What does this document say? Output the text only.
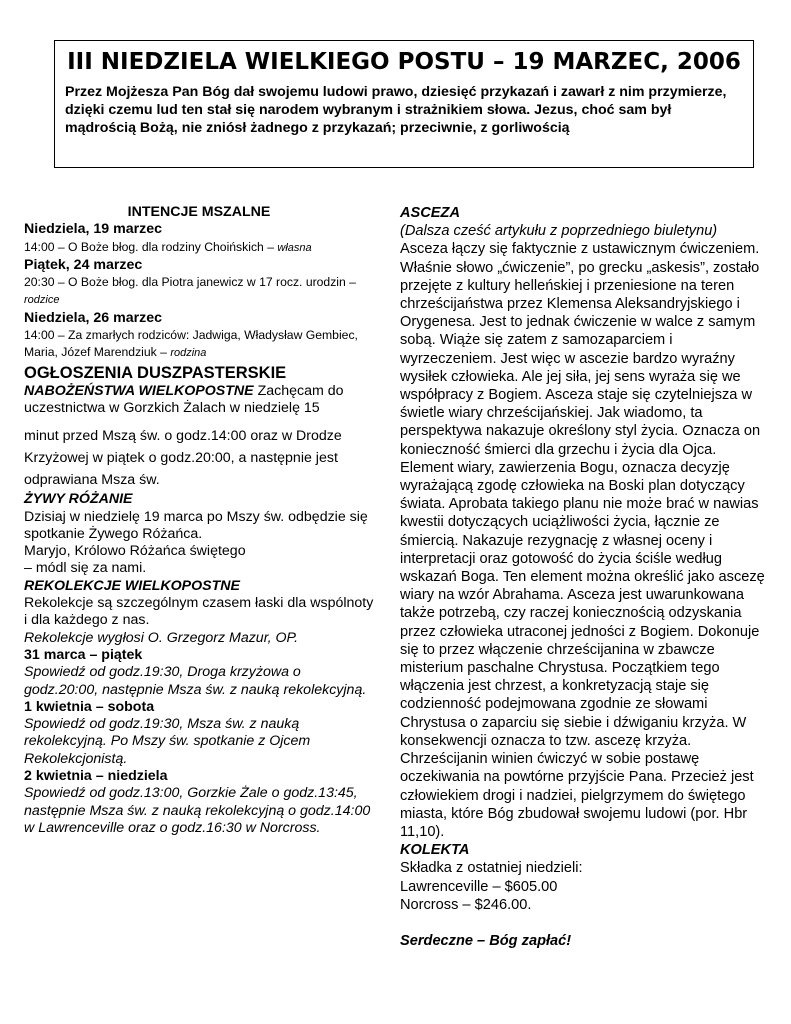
III NIEDZIELA WIELKIEGO POSTU – 19 MARZEC, 2006

Przez Mojżesza Pan Bóg dał swojemu ludowi prawo, dziesięć przykazań i zawarł z nim przymierze, dzięki czemu lud ten stał się narodem wybranym i strażnikiem słowa. Jezus, choć sam był mądrością Bożą, nie zniósł żadnego z przykazań; przeciwnie, z gorliwością

INTENCJE MSZALNE

Niedziela, 19 marzec

14:00 – O Boże błog. dla rodziny Choińskich – własna

Piątek, 24 marzec

20:30 – O Boże błog. dla Piotra janewicz w 17 rocz. urodzin – rodzice

Niedziela, 26 marzec

14:00 – Za zmarłych rodziców: Jadwiga, Władysław Gembiec, Maria, Józef Marendziuk – rodzina

OGŁOSZENIA DUSZPASTERSKIE

NABOŻEŃSTWA WIELKOPOSTNE Zachęcam do uczestnictwa w Gorzkich Żalach w niedzielę 15

minut przed Mszą św. o godz.14:00 oraz w Drodze Krzyżowej w piątek o godz.20:00, a następnie jest odprawiana Msza św.

ŻYWY RÓŻANIE

Dzisiaj w niedzielę 19 marca po Mszy św. odbędzie się spotkanie Żywego Różańca.

Maryjo, Królowo Różańca świętego

– módl się za nami.

REKOLEKCJE WIELKOPOSTNE

Rekolekcje są szczególnym czasem łaski dla wspólnoty i dla każdego z nas.

Rekolekcje wygłosi O. Grzegorz Mazur, OP.

31 marca – piątek

Spowiedź od godz.19:30, Droga krzyżowa o godz.20:00, następnie Msza św. z nauką rekolekcyjną.

1 kwietnia – sobota

Spowiedź od godz.19:30, Msza św. z nauką rekolekcyjną. Po Mszy św. spotkanie z Ojcem Rekolekcjonistą.

2 kwietnia – niedziela

Spowiedź od godz.13:00, Gorzkie Żale o godz.13:45, następnie Msza św. z nauką rekolekcyjną o godz.14:00 w Lawrenceville oraz o godz.16:30 w Norcross.

ASCEZA

(Dalsza cześć artykułu z poprzedniego biuletynu)

Asceza łączy się faktycznie z ustawicznym ćwiczeniem. Właśnie słowo „ćwiczenie”, po grecku „askesis”, zostało przejęte z kultury helleńskiej i przeniesione na teren chrześcijaństwa przez Klemensa Aleksandryjskiego i Orygenesa. Jest to jednak ćwiczenie w walce z samym sobą. Wiąże się zatem z samozaparciem i wyrzeczeniem. Jest więc w ascezie bardzo wyraźny wysiłek człowieka. Ale jej siła, jej sens wyraża się we współpracy z Bogiem. Asceza staje się czytelniejsza w świetle wiary chrześcijańskiej. Jak wiadomo, ta perspektywa nakazuje określony styl życia. Oznacza on konieczność śmierci dla grzechu i życia dla Ojca. Element wiary, zawierzenia Bogu, oznacza decyzję wyrażającą zgodę człowieka na Boski plan dotyczący świata. Aprobata takiego planu nie może brać w nawias kwestii dotyczących uciążliwości życia, łącznie ze śmiercią. Nakazuje rezygnację z własnej oceny i interpretacji oraz gotowość do życia ściśle według wskazań Boga. Ten element można określić jako ascezę wiary na wzór Abrahama. Asceza jest uwarunkowana także potrzebą, czy raczej koniecznością odzyskania przez człowieka utraconej jedności z Bogiem. Dokonuje się to przez włączenie chrześcijanina w zbawcze misterium paschalne Chrystusa. Początkiem tego włączenia jest chrzest, a konkretyzacją staje się codzienność podejmowana zgodnie ze słowami Chrystusa o zaparciu się siebie i dźwiganiu krzyża. W konsekwencji oznacza to tzw. ascezę krzyża. Chrześcijanin winien ćwiczyć w sobie postawę oczekiwania na powtórne przyjście Pana. Przecież jest człowiekiem drogi i nadziei, pielgrzymem do świętego miasta, które Bóg zbudował swojemu ludowi (por. Hbr 11,10).

KOLEKTA

Składka z ostatniej niedzieli:

Lawrenceville – $605.00

Norcross – $246.00.

Serdeczne – Bóg zapłać!
